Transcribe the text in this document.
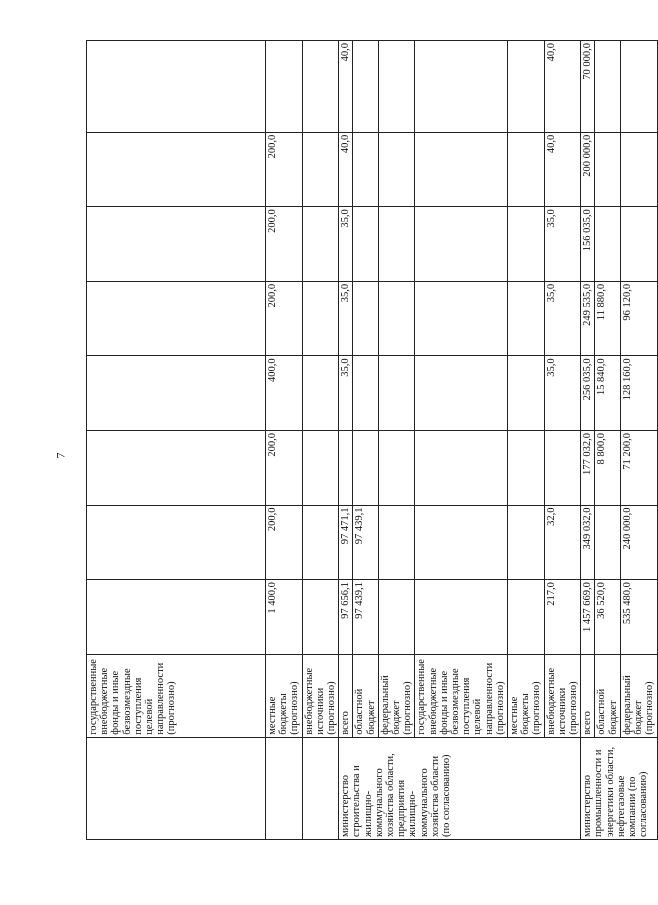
7
	государственные внебюджетные фонды и иные безвозмездные поступления целевой направленности (прогнозно)								
	местные бюджеты (прогнозно)	1 400,0	200,0	200,0	400,0	200,0	200,0	200,0	
	внебюджетные источники (прогнозно)								
министерство строительства и жилищно-коммунального хозяйства области, предприятия жилищно-коммунального хозяйства области (по согласованию)	всего	97 656,1	97 471,1		35,0	35,0	35,0	40,0	40,0
	областной бюджет	97 439,1	97 439,1						
	федеральный бюджет (прогнозно)								
	государственные внебюджетные фонды и иные безвозмездные поступления целевой направленности (прогнозно)								
	местные бюджеты (прогнозно)								
	внебюджетные источники (прогнозно)	217,0	32,0		35,0	35,0	35,0	40,0	40,0
министерство промышленности и энергетики области, нефтегазовые компании (по согласованию)	всего	1 457 669,0	349 032,0	177 032,0	256 035,0	249 535,0	156 035,0	200 000,0	70 000,0
	областной бюджет	36 520,0		8 800,0	15 840,0	11 880,0			
	федеральный бюджет (прогнозно)	535 480,0	240 000,0	71 200,0	128 160,0	96 120,0			
